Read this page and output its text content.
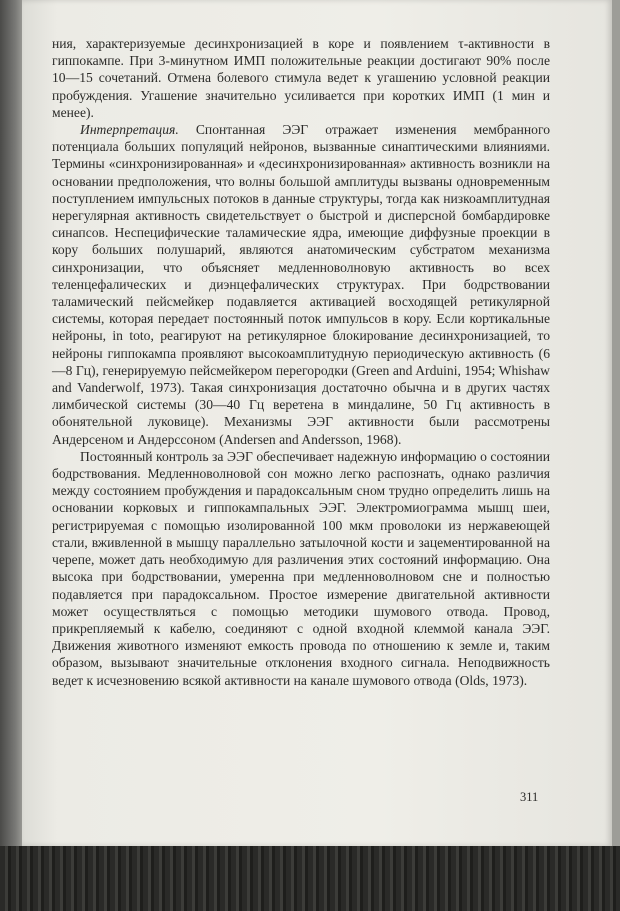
ния, характеризуемые десинхронизацией в коре и появлением τ-активности в гиппокампе. При 3-минутном ИМП положительные реакции достигают 90% после 10—15 сочетаний. Отмена болевого стимула ведет к угашению условной реакции пробуждения. Угашение значительно усиливается при коротких ИМП (1 мин и менее).

Интерпретация. Спонтанная ЭЭГ отражает изменения мембранного потенциала больших популяций нейронов, вызванные синаптическими влияниями. Термины «синхронизированная» и «десинхронизированная» активность возникли на основании предположения, что волны большой амплитуды вызваны одновременным поступлением импульсных потоков в данные структуры, тогда как низкоамплитудная нерегулярная активность свидетельствует о быстрой и дисперсной бомбардировке синапсов. Неспецифические таламические ядра, имеющие диффузные проекции в кору больших полушарий, являются анатомическим субстратом механизма синхронизации, что объясняет медленноволновую активность во всех теленцефалических и диэнцефалических структурах. При бодрствовании таламический пейсмейкер подавляется активацией восходящей ретикулярной системы, которая передает постоянный поток импульсов в кору. Если кортикальные нейроны, in toto, реагируют на ретикулярное блокирование десинхронизацией, то нейроны гиппокампа проявляют высокоамплитудную периодическую активность (6—8 Гц), генерируемую пейсмейкером перегородки (Green and Arduini, 1954; Whishaw and Vanderwolf, 1973). Такая синхронизация достаточно обычна и в других частях лимбической системы (30—40 Гц веретена в миндалине, 50 Гц активность в обонятельной луковице). Механизмы ЭЭГ активности были рассмотрены Андерсеном и Андерссоном (Andersen and Andersson, 1968).

Постоянный контроль за ЭЭГ обеспечивает надежную информацию о состоянии бодрствования. Медленноволновой сон можно легко распознать, однако различия между состоянием пробуждения и парадоксальным сном трудно определить лишь на основании корковых и гиппокампальных ЭЭГ. Электромиограмма мышц шеи, регистрируемая с помощью изолированной 100 мкм проволоки из нержавеющей стали, вживленной в мышцу параллельно затылочной кости и зацементированной на черепе, может дать необходимую для различения этих состояний информацию. Она высока при бодрствовании, умеренна при медленноволновом сне и полностью подавляется при парадоксальном. Простое измерение двигательной активности может осуществляться с помощью методики шумового отвода. Провод, прикрепляемый к кабелю, соединяют с одной входной клеммой канала ЭЭГ. Движения животного изменяют емкость провода по отношению к земле и, таким образом, вызывают значительные отклонения входного сигнала. Неподвижность ведет к исчезновению всякой активности на канале шумового отвода (Olds, 1973).

311
